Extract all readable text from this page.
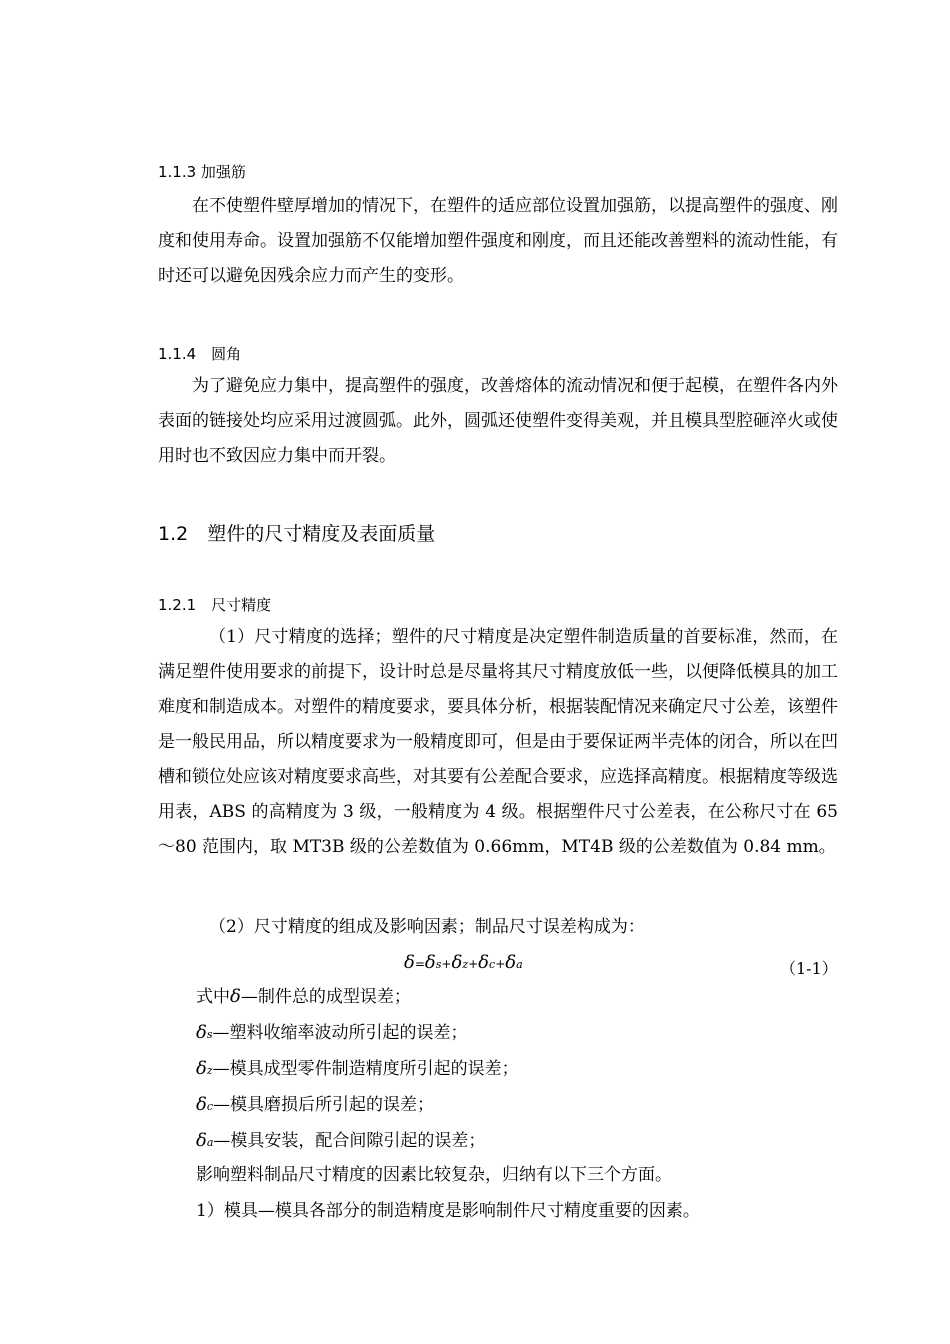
1.1.3 加强筋

在不使塑件壁厚增加的情况下，在塑件的适应部位设置加强筋，以提高塑件的强度、刚度和使用寿命。设置加强筋不仅能增加塑件强度和刚度，而且还能改善塑料的流动性能，有时还可以避免因残余应力而产生的变形。

1.1.4　圆角

为了避免应力集中，提高塑件的强度，改善熔体的流动情况和便于起模，在塑件各内外表面的链接处均应采用过渡圆弧。此外，圆弧还使塑件变得美观，并且模具型腔砸淬火或使用时也不致因应力集中而开裂。

1.2　塑件的尺寸精度及表面质量
1.2.1　尺寸精度

（1）尺寸精度的选择；塑件的尺寸精度是决定塑件制造质量的首要标准，然而，在满足塑件使用要求的前提下，设计时总是尽量将其尺寸精度放低一些，以便降低模具的加工难度和制造成本。对塑件的精度要求，要具体分析，根据装配情况来确定尺寸公差，该塑件是一般民用品，所以精度要求为一般精度即可，但是由于要保证两半壳体的闭合，所以在凹槽和锁位处应该对精度要求高些，对其要有公差配合要求，应选择高精度。根据精度等级选用表，ABS 的高精度为 3 级，一般精度为 4 级。根据塑件尺寸公差表，在公称尺寸在 65～80 范围内，取 MT3B 级的公差数值为 0.66mm，MT4B 级的公差数值为 0.84 mm。

（2）尺寸精度的组成及影响因素；制品尺寸误差构成为：

δ=δs+δz+δc+δa	（1-1）
式中δ—制件总的成型误差；
δs—塑料收缩率波动所引起的误差；
δz—模具成型零件制造精度所引起的误差；
δc—模具磨损后所引起的误差；
δa—模具安装，配合间隙引起的误差；
影响塑料制品尺寸精度的因素比较复杂，归纳有以下三个方面。
1）模具—模具各部分的制造精度是影响制件尺寸精度重要的因素。
